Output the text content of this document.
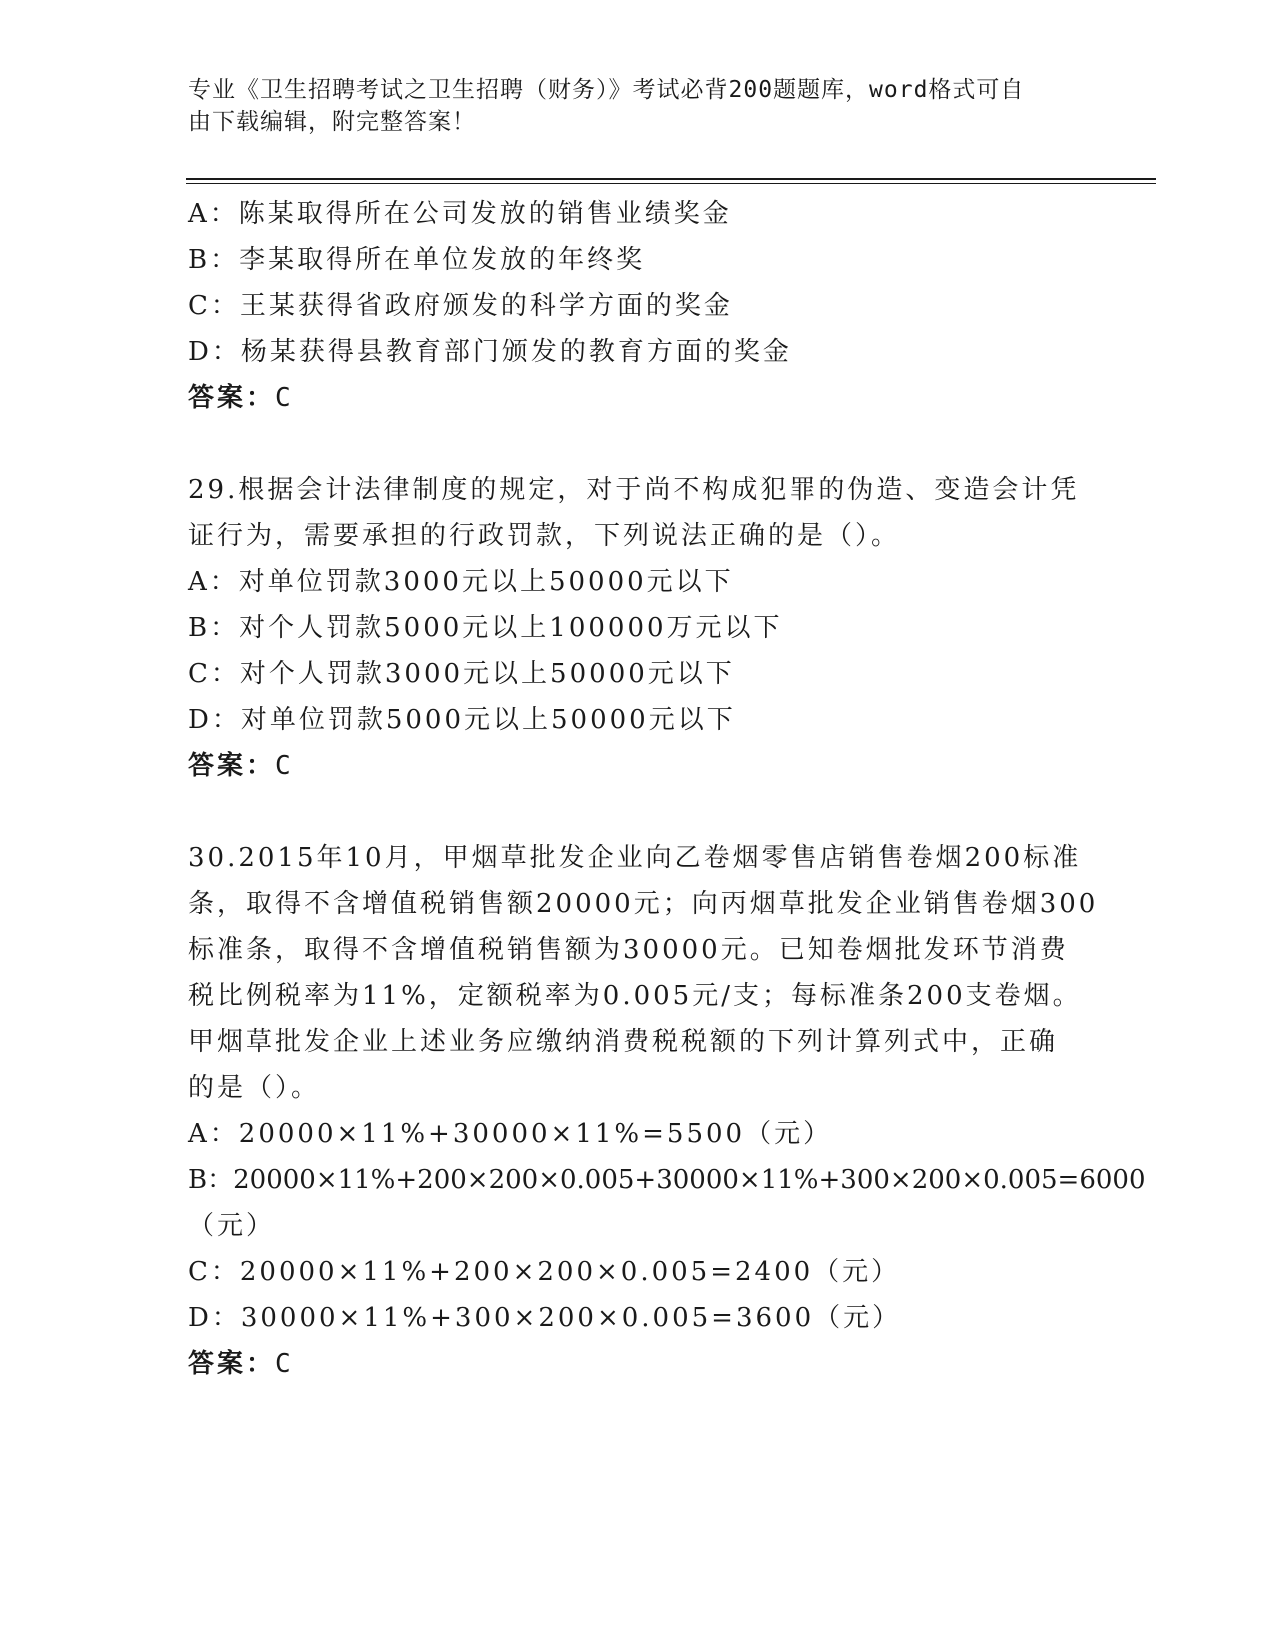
专业《卫生招聘考试之卫生招聘（财务）》考试必背200题题库，word格式可自
由下载编辑，附完整答案！
A：陈某取得所在公司发放的销售业绩奖金
B：李某取得所在单位发放的年终奖
C：王某获得省政府颁发的科学方面的奖金
D：杨某获得县教育部门颁发的教育方面的奖金
答案：C
29.根据会计法律制度的规定，对于尚不构成犯罪的伪造、变造会计凭
证行为，需要承担的行政罚款，下列说法正确的是（）。
A：对单位罚款3000元以上50000元以下
B：对个人罚款5000元以上100000万元以下
C：对个人罚款3000元以上50000元以下
D：对单位罚款5000元以上50000元以下
答案：C
30.2015年10月，甲烟草批发企业向乙卷烟零售店销售卷烟200标准
条，取得不含增值税销售额20000元；向丙烟草批发企业销售卷烟300
标准条，取得不含增值税销售额为30000元。已知卷烟批发环节消费
税比例税率为11%，定额税率为0.005元/支；每标准条200支卷烟。
甲烟草批发企业上述业务应缴纳消费税税额的下列计算列式中，正确
的是（）。
A：20000×11%+30000×11%=5500（元）
B：20000×11%+200×200×0.005+30000×11%+300×200×0.005=6000
（元）
C：20000×11%+200×200×0.005=2400（元）
D：30000×11%+300×200×0.005=3600（元）
答案：C
